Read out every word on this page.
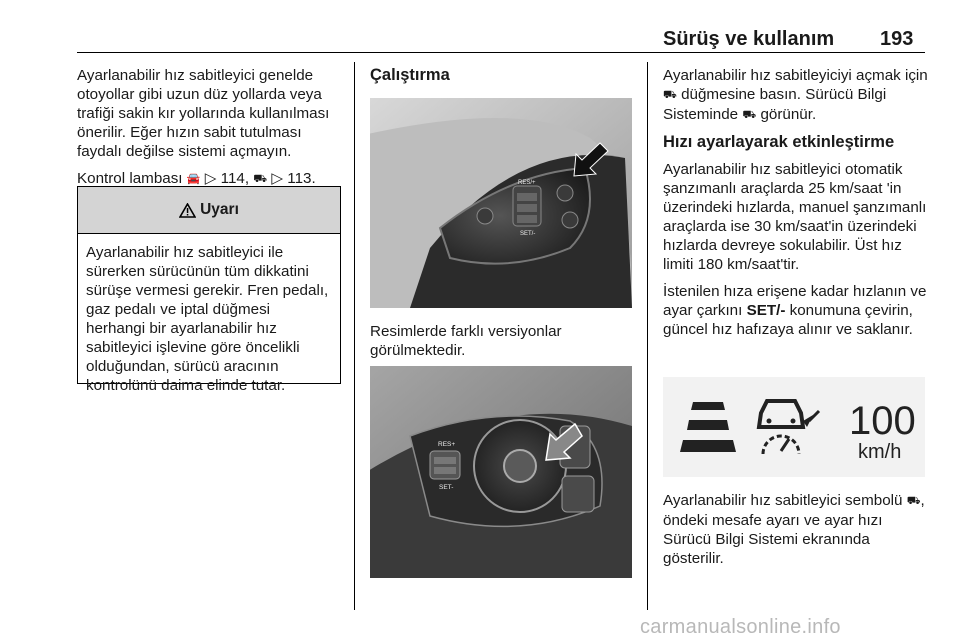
Sürüş ve kullanım 193

Ayarlanabilir hız sabitleyici genelde otoyollar gibi uzun düz yollarda veya trafiği sakin kır yollarında kullanılması önerilir. Eğer hızın sabit tutulması faydalı değilse sistemi açmayın.

Kontrol lambası 🚘 ▷ 114, ⛟ ▷ 113.

Uyarı
Ayarlanabilir hız sabitleyici ile sürerken sürücünün tüm dikkatini sürüşe vermesi gerekir. Fren pedalı, gaz pedalı ve iptal düğmesi herhangi bir ayarlanabilir hız sabitleyici işlevine göre öncelikli olduğundan, sürücü aracının kontrolünü daima elinde tutar.
Çalıştırma
RES/+
SET/-
Resimlerde farklı versiyonlar görülmektedir.
RES+
SET-

Ayarlanabilir hız sabitleyiciyi açmak için ⛟ düğmesine basın. Sürücü Bilgi Sisteminde ⛟ görünür.

Hızı ayarlayarak etkinleştirme

Ayarlanabilir hız sabitleyici otomatik şanzımanlı araçlarda 25 km/saat 'in üzerindeki hızlarda, manuel şanzımanlı araçlarda ise 30 km/saat'in üzerindeki hızlarda devreye sokulabilir. Üst hız limiti 180 km/saat'tir.

İstenilen hıza erişene kadar hızlanın ve ayar çarkını SET/- konumuna çevirin, güncel hız hafızaya alınır ve saklanır.

100
km/h
Ayarlanabilir hız sabitleyici sembolü ⛟, öndeki mesafe ayarı ve ayar hızı Sürücü Bilgi Sistemi ekranında gösterilir.
carmanualsonline.info
